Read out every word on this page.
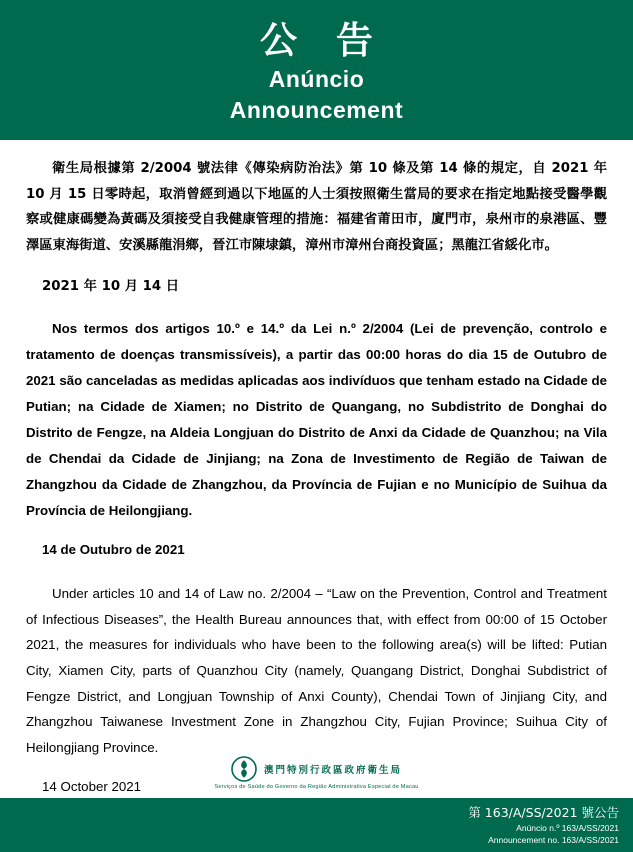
公 告
Anúncio
Announcement

衛生局根據第 2/2004 號法律《傳染病防治法》第 10 條及第 14 條的規定，自 2021 年 10 月 15 日零時起，取消曾經到過以下地區的人士須按照衛生當局的要求在指定地點接受醫學觀察或健康碼變為黃碼及須接受自我健康管理的措施：福建省莆田市，廈門市，泉州市的泉港區、豐澤區東海街道、安溪縣龍涓鄉，晉江市陳埭鎮，漳州市漳州台商投資區；黑龍江省綏化市。

2021 年 10 月 14 日

Nos termos dos artigos 10.º e 14.º da Lei n.º 2/2004 (Lei de prevenção, controlo e tratamento de doenças transmissíveis), a partir das 00:00 horas do dia 15 de Outubro de 2021 são canceladas as medidas aplicadas aos indivíduos que tenham estado na Cidade de Putian; na Cidade de Xiamen; no Distrito de Quangang, no Subdistrito de Donghai do Distrito de Fengze, na Aldeia Longjuan do Distrito de Anxi da Cidade de Quanzhou; na Vila de Chendai da Cidade de Jinjiang; na Zona de Investimento de Região de Taiwan de Zhangzhou da Cidade de Zhangzhou, da Província de Fujian e no Município de Suihua da Província de Heilongjiang.

14 de Outubro de 2021

Under articles 10 and 14 of Law no. 2/2004 – “Law on the Prevention, Control and Treatment of Infectious Diseases”, the Health Bureau announces that, with effect from 00:00 of 15 October 2021, the measures for individuals who have been to the following area(s) will be lifted: Putian City, Xiamen City, parts of Quanzhou City (namely, Quangang District, Donghai Subdistrict of Fengze District, and Longjuan Township of Anxi County), Chendai Town of Jinjiang City, and Zhangzhou Taiwanese Investment Zone in Zhangzhou City, Fujian Province; Suihua City of Heilongjiang Province.

14 October 2021

澳門特別行政區政府衛生局
Serviços de Saúde do Governo da Região Administrativa Especial de Macau
第 163/A/SS/2021 號公告
Anúncio n.º 163/A/SS/2021
Announcement no. 163/A/SS/2021
